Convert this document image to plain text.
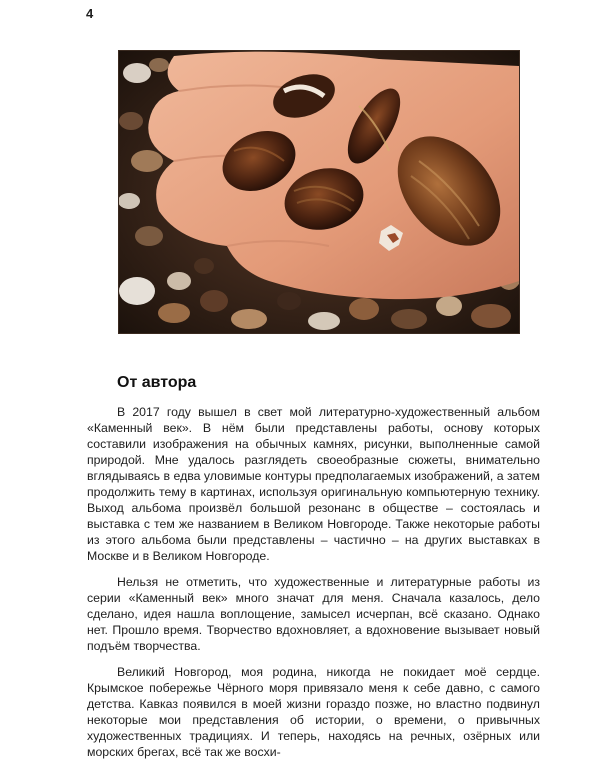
4
От автора

В 2017 году вышел в свет мой литературно-художественный альбом «Каменный век». В нём были представлены работы, основу которых составили изображения на обычных камнях, рисунки, выполненные самой природой. Мне удалось разглядеть своеобразные сюжеты, внимательно вглядываясь в едва уловимые контуры предполагаемых изображений, а затем продолжить тему в картинах, используя оригинальную компьютерную технику. Выход альбома произвёл большой резонанс в обществе – состоялась и выставка с тем же названием в Великом Новгороде. Также некоторые работы из этого альбома были представлены – частично – на других выставках в Москве и в Великом Новгороде.

Нельзя не отметить, что художественные и литературные работы из серии «Каменный век» много значат для меня. Сначала казалось, дело сделано, идея нашла воплощение, замысел исчерпан, всё сказано. Однако нет. Прошло время. Творчество вдохновляет, а вдохновение вызывает новый подъём творчества.

Великий Новгород, моя родина, никогда не покидает моё сердце. Крымское побережье Чёрного моря привязало меня к себе давно, с самого детства. Кавказ появился в моей жизни гораздо позже, но властно подвинул некоторые мои представления об истории, о времени, о привычных художественных традициях. И теперь, находясь на речных, озёрных или морских брегах, всё так же восхи-
